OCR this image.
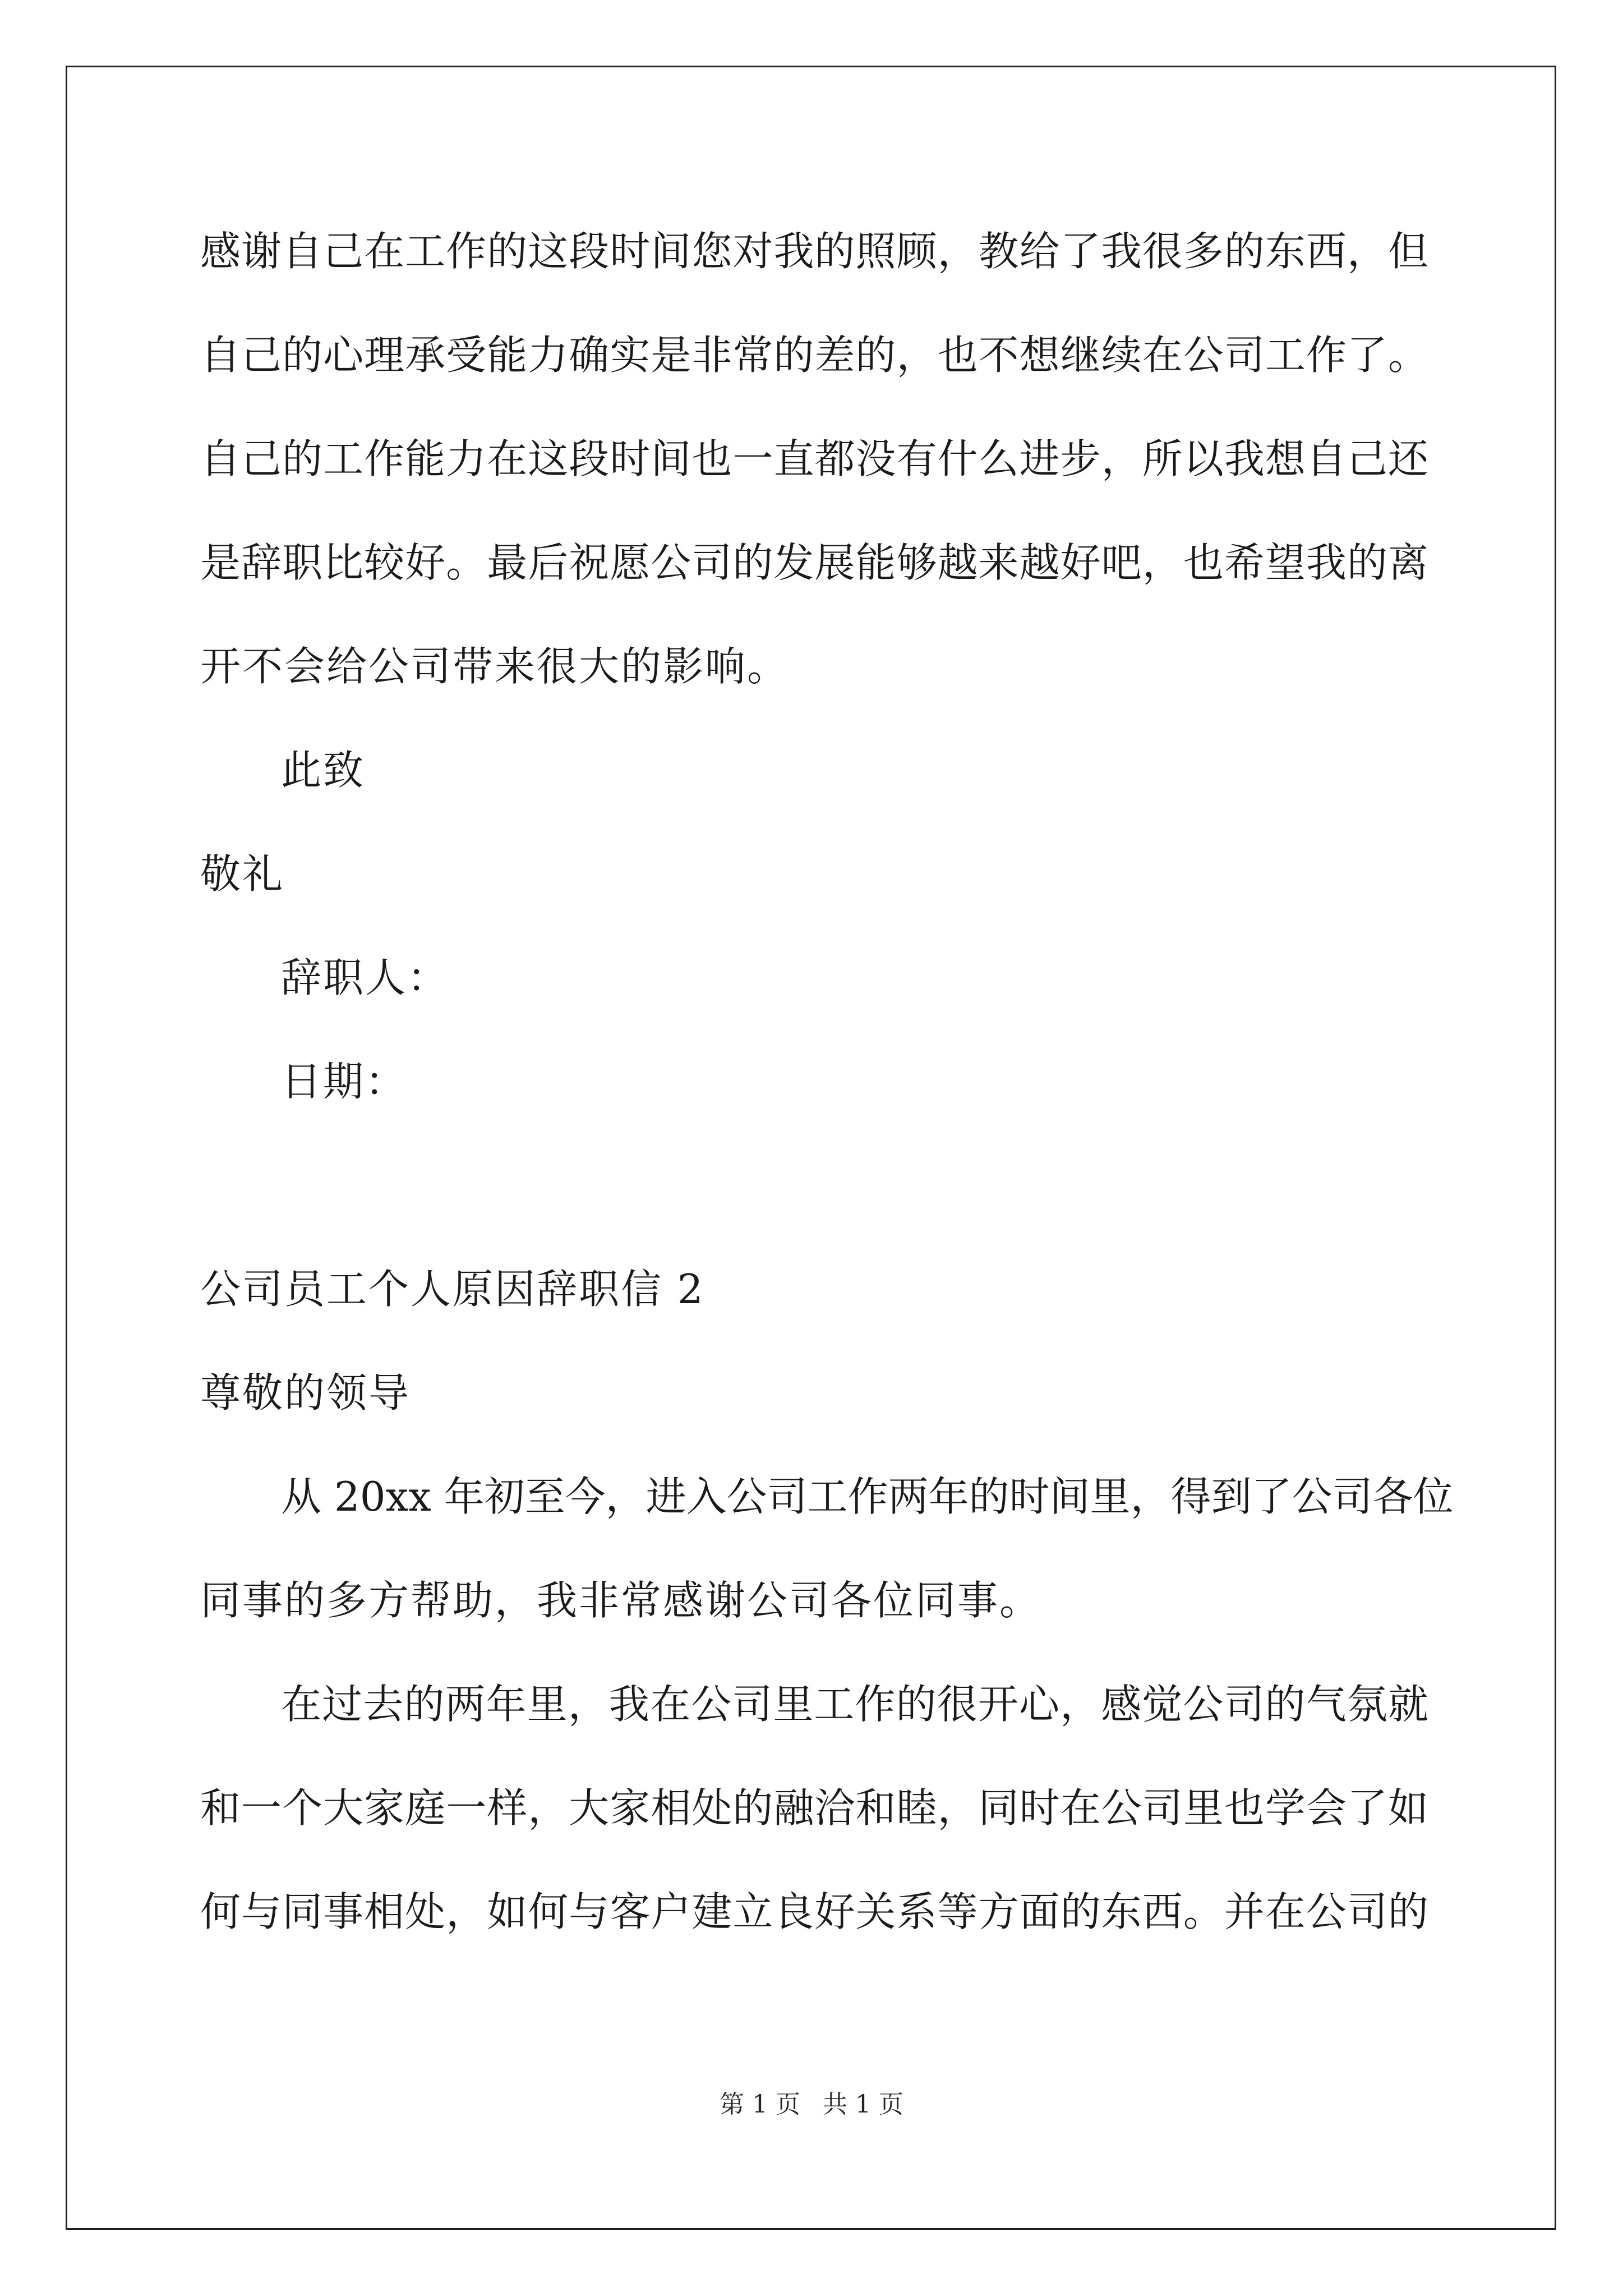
感谢自己在工作的这段时间您对我的照顾，教给了我很多的东西，但
自己的心理承受能力确实是非常的差的，也不想继续在公司工作了。
自己的工作能力在这段时间也一直都没有什么进步，所以我想自己还
是辞职比较好。最后祝愿公司的发展能够越来越好吧，也希望我的离
开不会给公司带来很大的影响。
此致
敬礼
辞职人：
日期：
公司员工个人原因辞职信 2
尊敬的领导
从 20xx 年初至今，进入公司工作两年的时间里，得到了公司各位
同事的多方帮助，我非常感谢公司各位同事。
在过去的两年里，我在公司里工作的很开心，感觉公司的气氛就
和一个大家庭一样，大家相处的融洽和睦，同时在公司里也学会了如
何与同事相处，如何与客户建立良好关系等方面的东西。并在公司的
第 1 页 共 1 页
